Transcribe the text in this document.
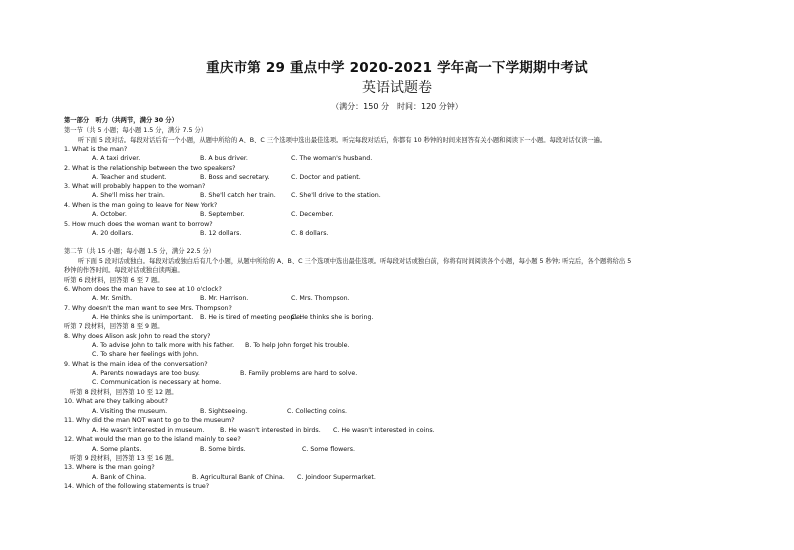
重庆市第 29 重点中学 2020-2021 学年高一下学期期中考试
英语试题卷
（满分：150 分　时间：120 分钟）
第一部分　听力（共两节，满分 30 分）
第一节（共 5 小题；每小题 1.5 分，满分 7.5 分）
听下面 5 段对话。每段对话后有一个小题，从题中所给的 A、B、C 三个选项中选出最佳选项。听完每段对话后，你都有 10 秒钟的时间来回答有关小题和阅读下一小题。每段对话仅读一遍。
1. What is the man?
A. A taxi driver.	B. A bus driver.	C. The woman's husband.
2. What is the relationship between the two speakers?
A. Teacher and student.	B. Boss and secretary.	C. Doctor and patient.
3. What will probably happen to the woman?
A. She'll miss her train.	B. She'll catch her train. C. She'll drive to the station.
4. When is the man going to leave for New York?
A. October.	B. September.	C. December.
5. How much does the woman want to borrow?
A. 20 dollars.	B. 12 dollars.	C. 8 dollars.
第二节（共 15 小题；每小题 1.5 分，满分 22.5 分）
听下面 5 段对话或独白。每段对话或独白后有几个小题，从题中所给的 A、B、C 三个选项中选出最佳选项。听每段对话或独白前，你将有时间阅读各个小题，每小题 5 秒钟; 听完后，各个题将给出 5
秒钟的作答时间。每段对话或独白读两遍。
听第 6 段材料，回答第 6 至 7 题。
6. Whom does the man have to see at 10 o'clock?
A. Mr. Smith.	B. Mr. Harrison.	C. Mrs. Thompson.
7. Why doesn't the man want to see Mrs. Thompson?
A. He thinks she is unimportant. B. He is tired of meeting people.
C. He thinks she is boring.
听第 7 段材料，回答第 8 至 9 题。
8. Why does Alison ask John to read the story?
A. To advise John to talk more with his father. B. To help John forget his trouble.
C. To share her feelings with John.
9. What is the main idea of the conversation?
A. Parents nowadays are too busy.	B. Family problems are hard to solve.
C. Communication is necessary at home.
听第 8 段材料，回答第 10 至 12 题。
10. What are they talking about?
A. Visiting the museum.	B. Sightseeing.	C. Collecting coins.
11. Why did the man NOT want to go to the museum?
A. He wasn't interested in museum. B. He wasn't interested in birds. C. He wasn't interested in coins.
12. What would the man go to the island mainly to see?
A. Some plants.	B. Some birds.	C. Some flowers.
听第 9 段材料，回答第 13 至 16 题。
13. Where is the man going?
A. Bank of China.	B. Agricultural Bank of China. C. Joindoor Supermarket.
14. Which of the following statements is true?
